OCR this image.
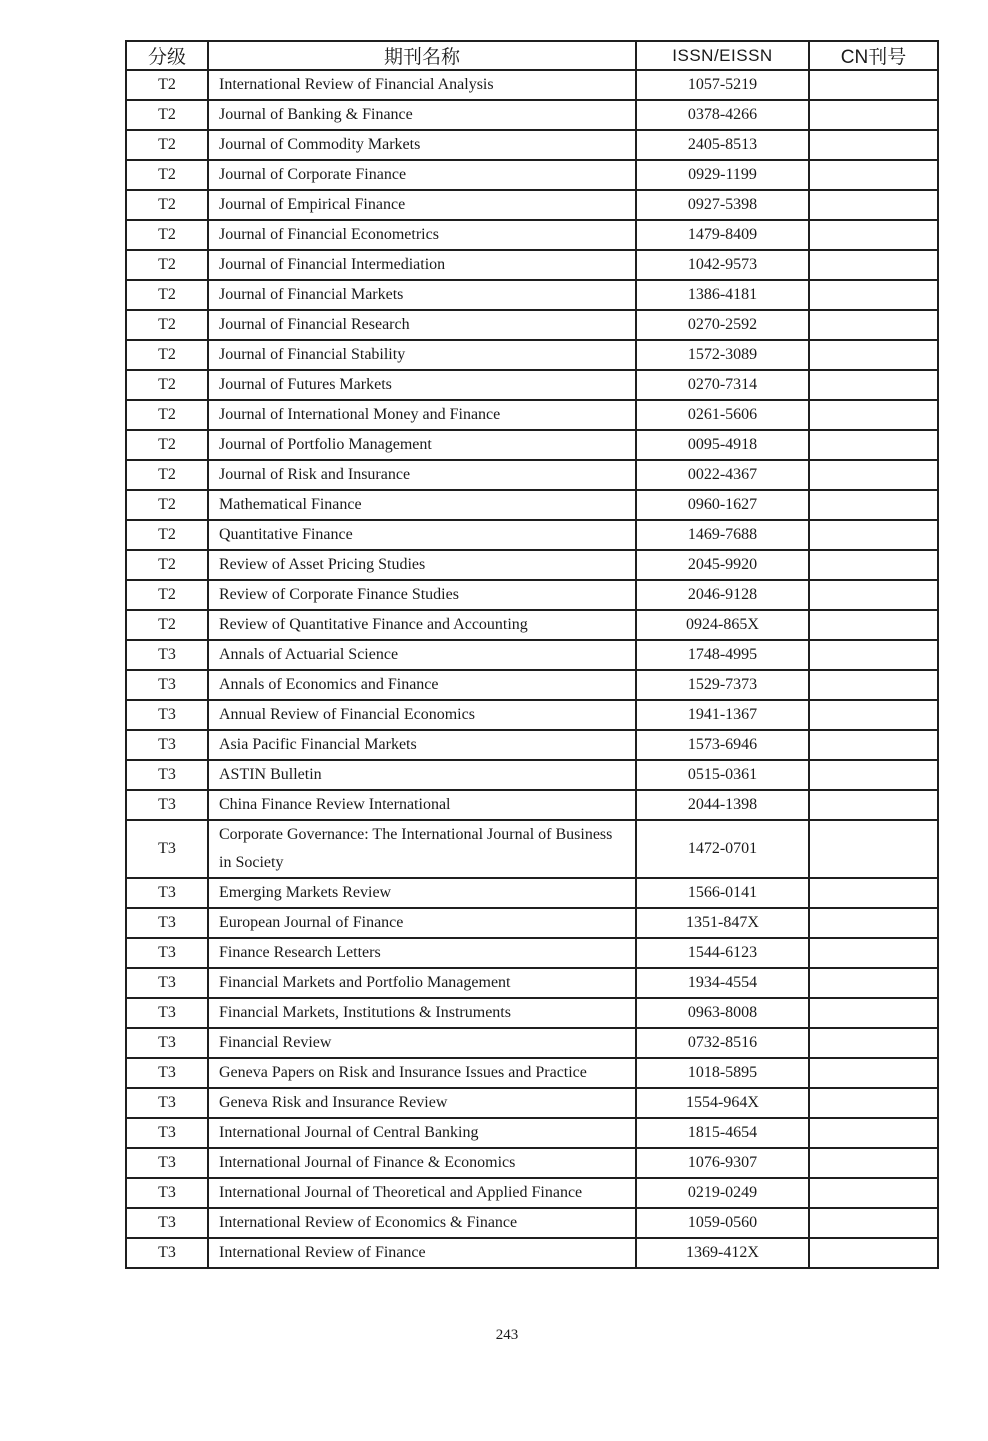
分级	期刊名称	ISSN/EISSN	CN刊号
T2	International Review of Financial Analysis	1057-5219	
T2	Journal of Banking & Finance	0378-4266	
T2	Journal of Commodity Markets	2405-8513	
T2	Journal of Corporate Finance	0929-1199	
T2	Journal of Empirical Finance	0927-5398	
T2	Journal of Financial Econometrics	1479-8409	
T2	Journal of Financial Intermediation	1042-9573	
T2	Journal of Financial Markets	1386-4181	
T2	Journal of Financial Research	0270-2592	
T2	Journal of Financial Stability	1572-3089	
T2	Journal of Futures Markets	0270-7314	
T2	Journal of International Money and Finance	0261-5606	
T2	Journal of Portfolio Management	0095-4918	
T2	Journal of Risk and Insurance	0022-4367	
T2	Mathematical Finance	0960-1627	
T2	Quantitative Finance	1469-7688	
T2	Review of Asset Pricing Studies	2045-9920	
T2	Review of Corporate Finance Studies	2046-9128	
T2	Review of Quantitative Finance and Accounting	0924-865X	
T3	Annals of Actuarial Science	1748-4995	
T3	Annals of Economics and Finance	1529-7373	
T3	Annual Review of Financial Economics	1941-1367	
T3	Asia Pacific Financial Markets	1573-6946	
T3	ASTIN Bulletin	0515-0361	
T3	China Finance Review International	2044-1398	
T3	Corporate Governance: The International Journal of Business in Society	1472-0701	
T3	Emerging Markets Review	1566-0141	
T3	European Journal of Finance	1351-847X	
T3	Finance Research Letters	1544-6123	
T3	Financial Markets and Portfolio Management	1934-4554	
T3	Financial Markets, Institutions & Instruments	0963-8008	
T3	Financial Review	0732-8516	
T3	Geneva Papers on Risk and Insurance Issues and Practice	1018-5895	
T3	Geneva Risk and Insurance Review	1554-964X	
T3	International Journal of Central Banking	1815-4654	
T3	International Journal of Finance & Economics	1076-9307	
T3	International Journal of Theoretical and Applied Finance	0219-0249	
T3	International Review of Economics & Finance	1059-0560	
T3	International Review of Finance	1369-412X	
243
